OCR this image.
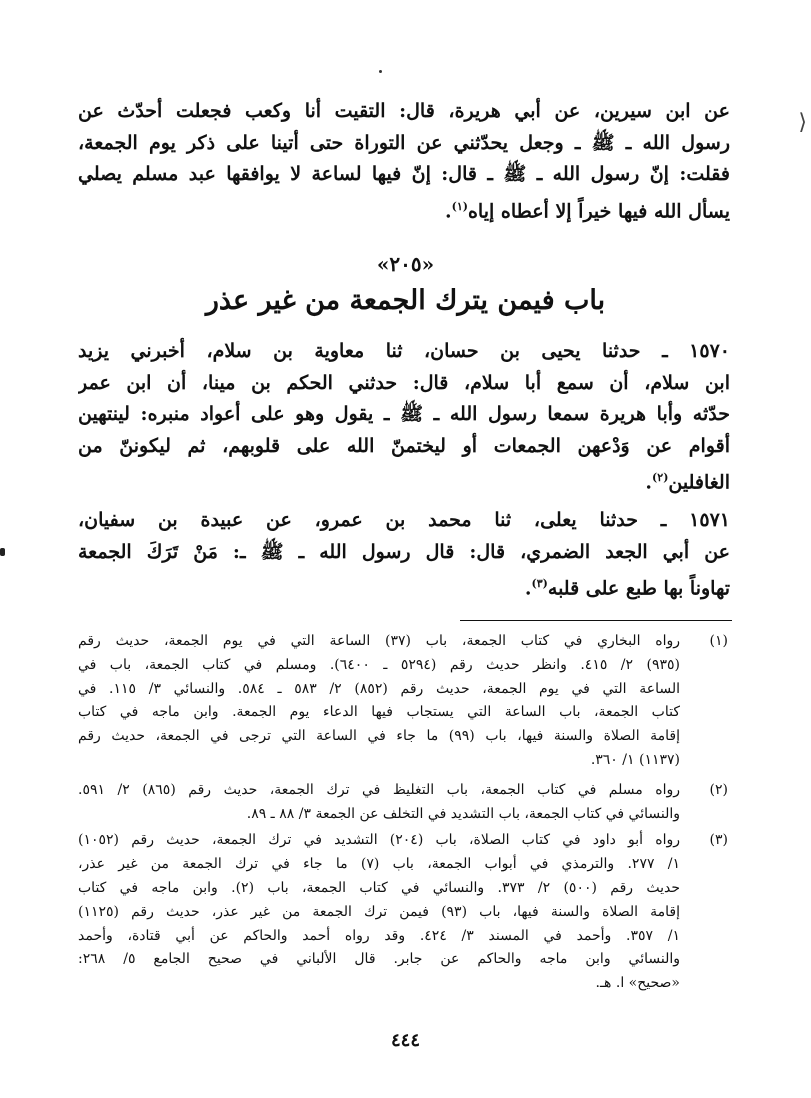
⟩
عن ابن سيرين، عن أبي هريرة، قال: التقيت أنا وكعب فجعلت أحدّث عن
رسول الله ـ ﷺ ـ وجعل يحدّثني عن التوراة حتى أتينا على ذكر يوم الجمعة،
فقلت: إنّ رسول الله ـ ﷺ ـ قال: إنّ فيها لساعة لا يوافقها عبد مسلم يصلي
يسأل الله فيها خيراً إلا أعطاه إياه$^{(١)}$.
«٢٠٥»
باب فيمن يترك الجمعة من غير عذر
١٥٧٠ ـ حدثنا يحيى بن حسان، ثنا معاوية بن سلام، أخبرني يزيد
ابن سلام، أن سمع أبا سلام، قال: حدثني الحكم بن مينا، أن ابن عمر
حدّثه وأبا هريرة سمعا رسول الله ـ ﷺ ـ يقول وهو على أعواد منبره: لينتهين
أقوام عن وَدْعهن الجمعات أو ليختمنّ الله على قلوبهم، ثم ليكوننّ من
الغافلين$^{(٢)}$.
١٥٧١ ـ حدثنا يعلى، ثنا محمد بن عمرو، عن عبيدة بن سفيان،
عن أبي الجعد الضمري، قال: قال رسول الله ـ ﷺ ـ: مَنْ تَرَكَ الجمعة
تهاوناً بها طبع على قلبه$^{(٣)}$.
(١)
رواه البخاري في كتاب الجمعة، باب (٣٧) الساعة التي في يوم الجمعة، حديث رقم
(٩٣٥) ٢/ ٤١٥. وانظر حديث رقم (٥٢٩٤ ـ ٦٤٠٠). ومسلم في كتاب الجمعة، باب في
الساعة التي في يوم الجمعة، حديث رقم (٨٥٢) ٢/ ٥٨٣ ـ ٥٨٤. والنسائي ٣/ ١١٥. في
كتاب الجمعة، باب الساعة التي يستجاب فيها الدعاء يوم الجمعة. وابن ماجه في كتاب
إقامة الصلاة والسنة فيها، باب (٩٩) ما جاء في الساعة التي ترجى في الجمعة، حديث رقم
(١١٣٧) ١/ ٣٦٠.
(٢)
رواه مسلم في كتاب الجمعة، باب التغليظ في ترك الجمعة، حديث رقم (٨٦٥) ٢/ ٥٩١.
والنسائي في كتاب الجمعة، باب التشديد في التخلف عن الجمعة ٣/ ٨٨ ـ ٨٩.
(٣)
رواه أبو داود في كتاب الصلاة، باب (٢٠٤) التشديد في ترك الجمعة، حديث رقم (١٠٥٢)
١/ ٢٧٧. والترمذي في أبواب الجمعة، باب (٧) ما جاء في ترك الجمعة من غير عذر،
حديث رقم (٥٠٠) ٢/ ٣٧٣. والنسائي في كتاب الجمعة، باب (٢). وابن ماجه في كتاب
إقامة الصلاة والسنة فيها، باب (٩٣) فيمن ترك الجمعة من غير عذر، حديث رقم (١١٢٥)
١/ ٣٥٧. وأحمد في المسند ٣/ ٤٢٤. وقد رواه أحمد والحاكم عن أبي قتادة، وأحمد
والنسائي وابن ماجه والحاكم عن جابر. قال الألباني في صحيح الجامع ٥/ ٢٦٨:
«صحيح» ا. هـ.
٤٤٤
